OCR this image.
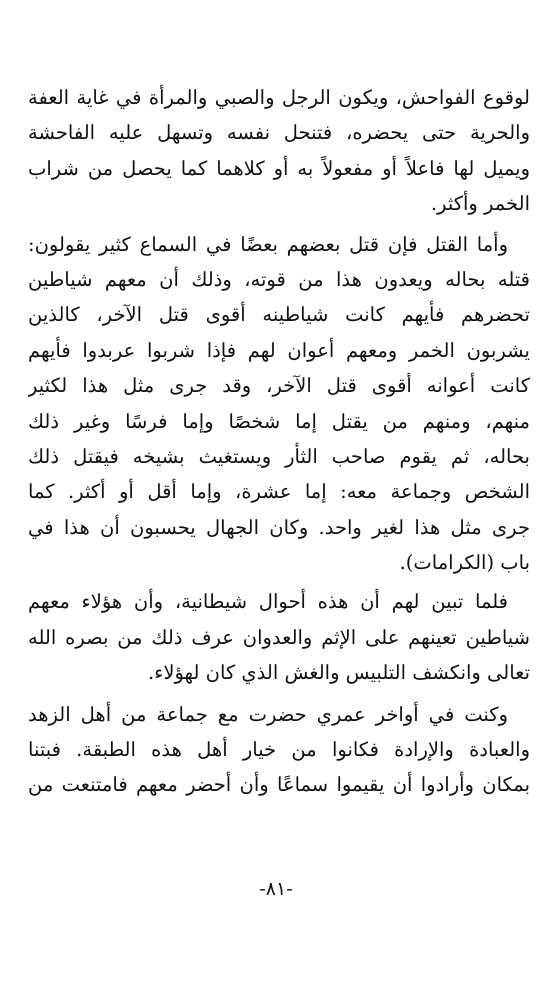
لوقوع الفواحش، ويكون الرجل والصبي والمرأة في غاية العفة
والحرية حتى يحضره، فتنحل نفسه وتسهل عليه الفاحشة
ويميل لها فاعلاً أو مفعولاً به أو كلاهما كما يحصل من شراب
الخمر وأكثر.
وأما القتل فإن قتل بعضهم بعضًا في السماع كثير يقولون:
قتله بحاله ويعدون هذا من قوته، وذلك أن معهم شياطين
تحضرهم فأيهم كانت شياطينه أقوى قتل الآخر، كالذين
يشربون الخمر ومعهم أعوان لهم فإذا شربوا عربدوا فأيهم
كانت أعوانه أقوى قتل الآخر، وقد جرى مثل هذا لكثير
منهم، ومنهم من يقتل إما شخصًا وإما فرسًا وغير ذلك
بحاله، ثم يقوم صاحب الثأر ويستغيث بشيخه فيقتل ذلك
الشخص وجماعة معه: إما عشرة، وإما أقل أو أكثر. كما
جرى مثل هذا لغير واحد. وكان الجهال يحسبون أن هذا في
باب (الكرامات).
فلما تبين لهم أن هذه أحوال شيطانية، وأن هؤلاء معهم
شياطين تعينهم على الإثم والعدوان عرف ذلك من بصره الله
تعالى وانكشف التلبيس والغش الذي كان لهؤلاء.
وكنت في أواخر عمري حضرت مع جماعة من أهل الزهد
والعبادة والإرادة فكانوا من خيار أهل هذه الطبقة. فبتنا
بمكان وأرادوا أن يقيموا سماعًا وأن أحضر معهم فامتنعت من
-٨١-
